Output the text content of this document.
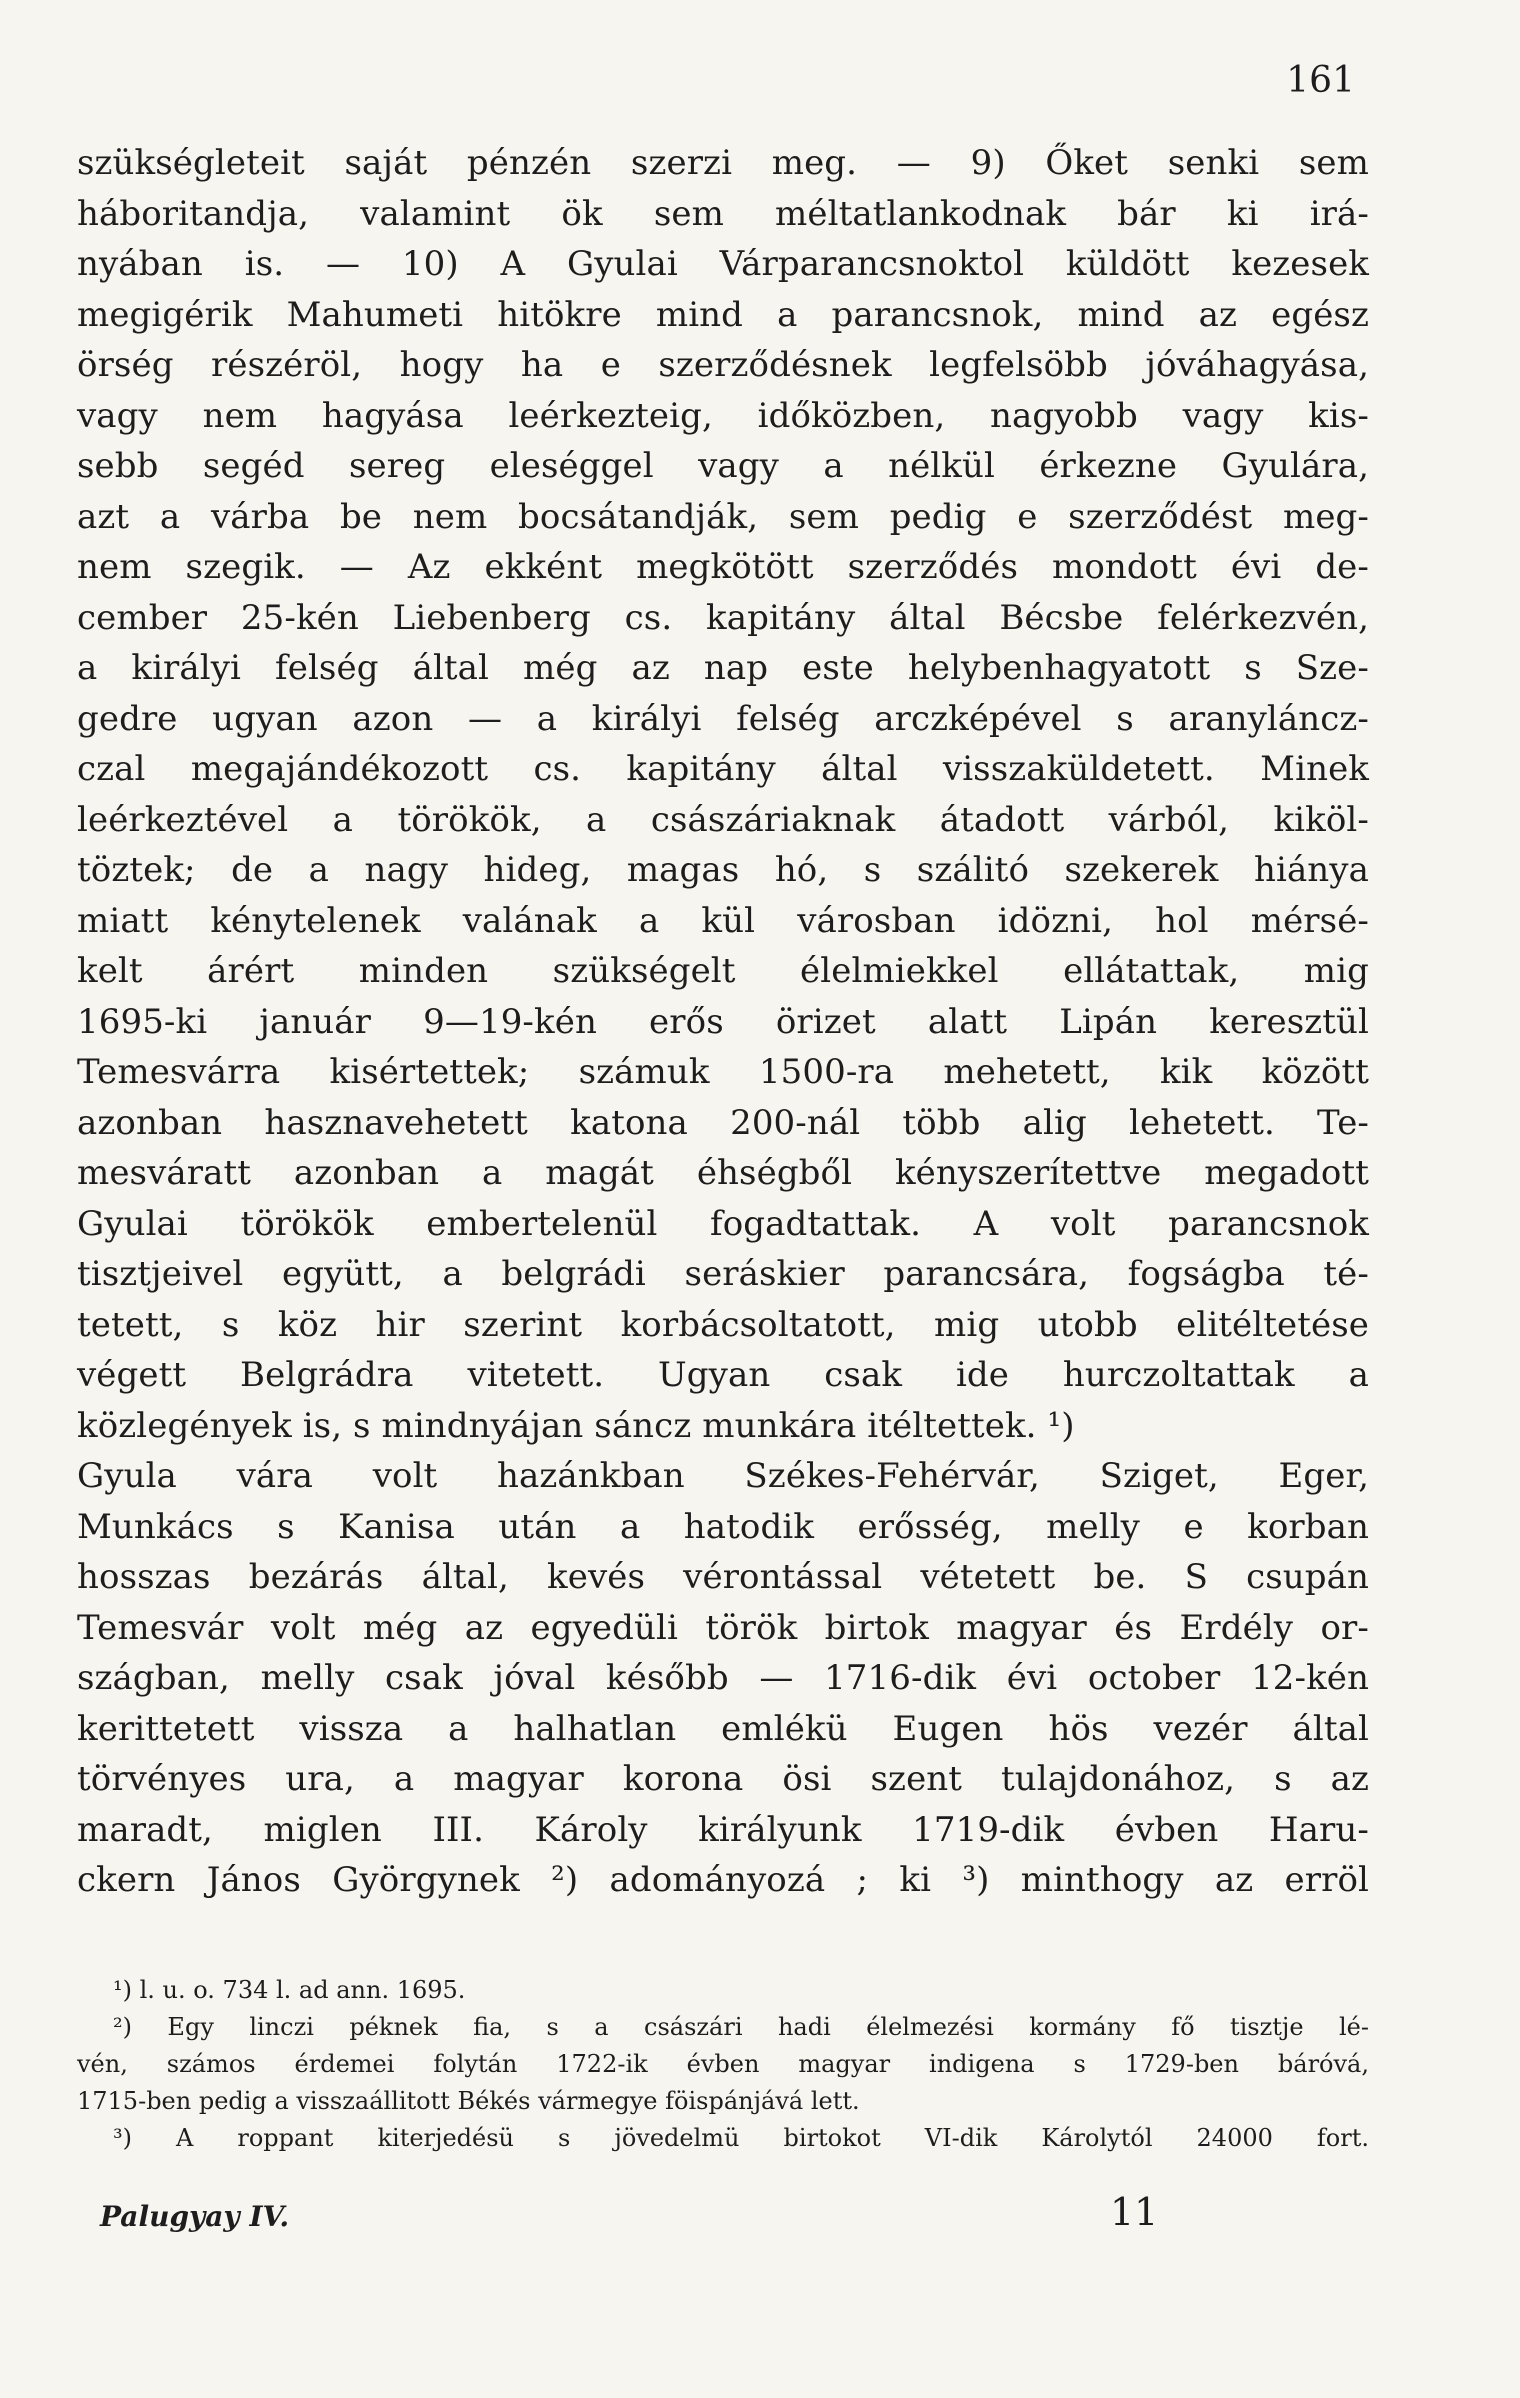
161
szükségleteit saját pénzén szerzi meg. — 9) Őket senki sem
háboritandja, valamint ök sem méltatlankodnak bár ki irá-
nyában is. — 10) A Gyulai Várparancsnoktol küldött kezesek
megigérik Mahumeti hitökre mind a parancsnok, mind az egész
örség részéröl, hogy ha e szerződésnek legfelsöbb jóváhagyása,
vagy nem hagyása leérkezteig, időközben, nagyobb vagy kis-
sebb segéd sereg eleséggel vagy a nélkül érkezne Gyulára,
azt a várba be nem bocsátandják, sem pedig e szerződést meg-
nem szegik. — Az ekként megkötött szerződés mondott évi de-
cember 25-kén Liebenberg cs. kapitány által Bécsbe felérkezvén,
a királyi felség által még az nap este helybenhagyatott s Sze-
gedre ugyan azon — a királyi felség arczképével s aranyláncz-
czal megajándékozott cs. kapitány által visszaküldetett. Minek
leérkeztével a törökök, a császáriaknak átadott várból, kiköl-
töztek; de a nagy hideg, magas hó, s szálitó szekerek hiánya
miatt kénytelenek valának a kül városban idözni, hol mérsé-
kelt árért minden szükségelt élelmiekkel ellátattak, mig
1695-ki január 9—19-kén erős örizet alatt Lipán keresztül
Temesvárra kisértettek; számuk 1500-ra mehetett, kik között
azonban hasznavehetett katona 200-nál több alig lehetett. Te-
mesváratt azonban a magát éhségből kényszerítettve megadott
Gyulai törökök embertelenül fogadtattak. A volt parancsnok
tisztjeivel együtt, a belgrádi seráskier parancsára, fogságba té-
tetett, s köz hir szerint korbácsoltatott, mig utobb elitéltetése
végett Belgrádra vitetett. Ugyan csak ide hurczoltattak a
közlegények is, s mindnyájan sáncz munkára itéltettek. ¹)
Gyula vára volt hazánkban Székes-Fehérvár, Sziget, Eger,
Munkács s Kanisa után a hatodik erősség, melly e korban
hosszas bezárás által, kevés vérontással vétetett be. S csupán
Temesvár volt még az egyedüli török birtok magyar és Erdély or-
szágban, melly csak jóval később — 1716-dik évi october 12-kén
kerittetett vissza a halhatlan emlékü Eugen hös vezér által
törvényes ura, a magyar korona ösi szent tulajdonához, s az
maradt, miglen III. Károly királyunk 1719-dik évben Haru-
ckern János Györgynek ²) adományozá ; ki ³) minthogy az erröl
¹) l. u. o. 734 l. ad ann. 1695.
²) Egy linczi péknek fia, s a császári hadi élelmezési kormány fő tisztje lé-
vén, számos érdemei folytán 1722-ik évben magyar indigena s 1729-ben báróvá,
1715-ben pedig a visszaállitott Békés vármegye föispánjává lett.
³) A roppant kiterjedésü s jövedelmü birtokot VI-dik Károlytól 24000 fort.
Palugyay IV.	11
